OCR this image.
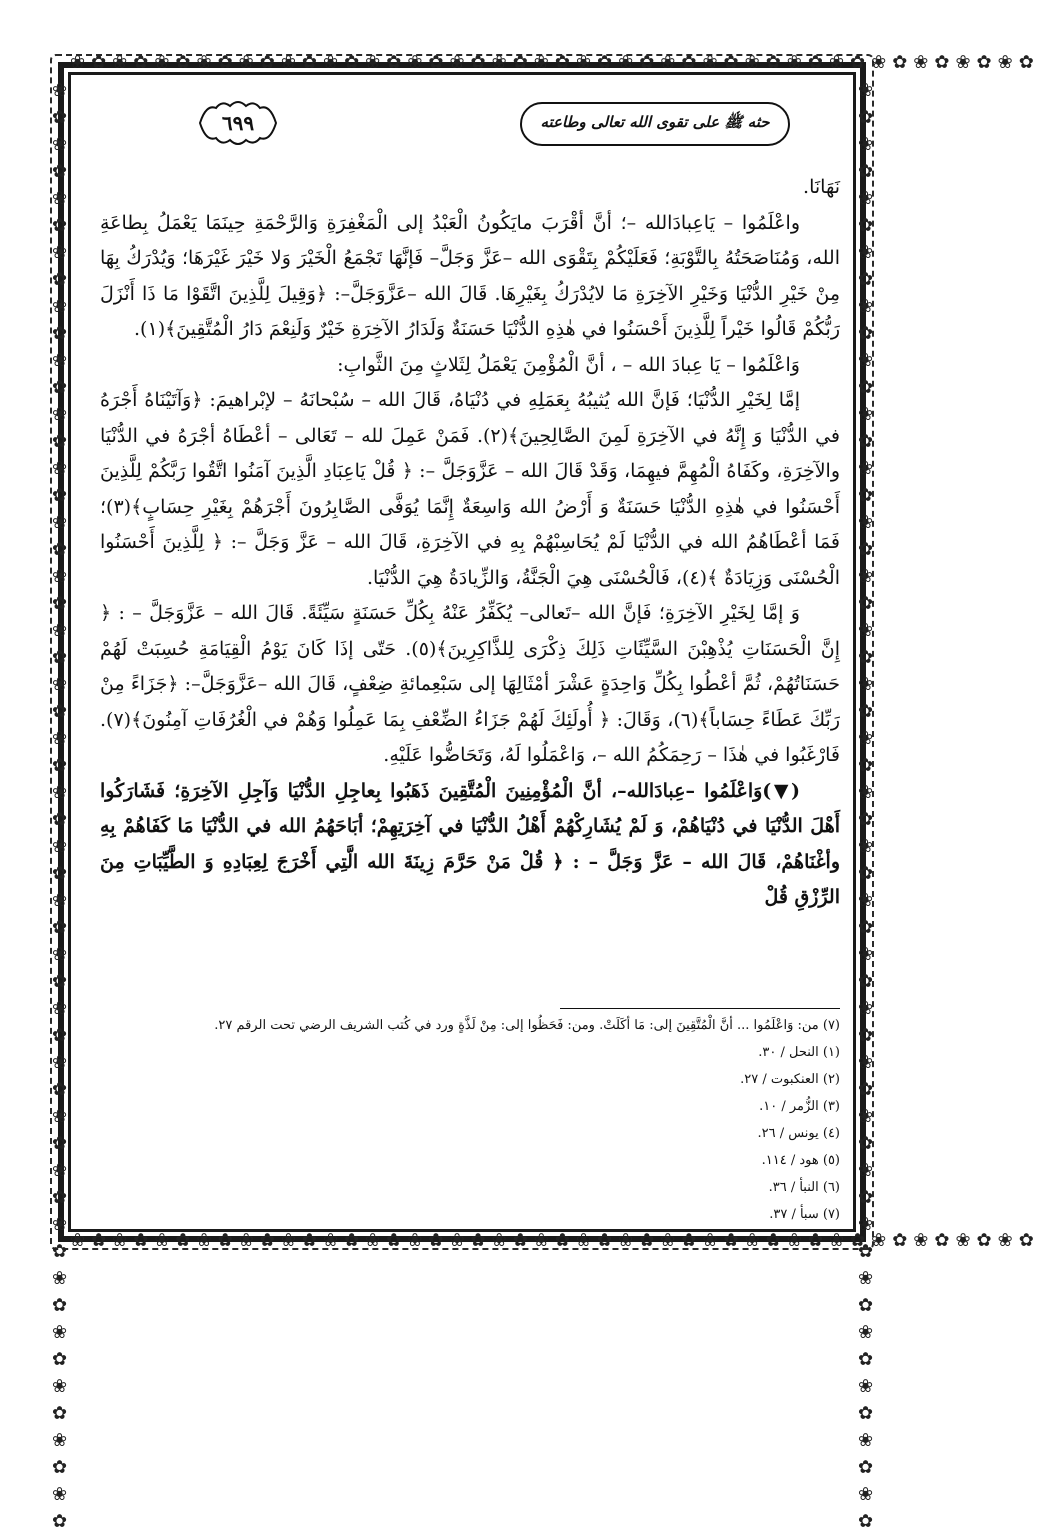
❀✿❀✿❀✿❀✿❀✿❀✿❀✿❀✿❀✿❀✿❀✿❀✿❀✿❀✿❀✿❀✿❀✿❀✿❀✿❀✿❀✿❀✿❀✿
❀✿❀✿❀✿❀✿❀✿❀✿❀✿❀✿❀✿❀✿❀✿❀✿❀✿❀✿❀✿❀✿❀✿❀✿❀✿❀✿❀✿❀✿❀✿
❀✿❀✿❀✿❀✿❀✿❀✿❀✿❀✿❀✿❀✿❀✿❀✿❀✿❀✿❀✿❀✿❀✿❀✿❀✿❀✿❀✿❀✿❀✿❀✿❀✿❀✿❀✿	❀✿❀✿❀✿❀✿❀✿❀✿❀✿❀✿❀✿❀✿❀✿❀✿❀✿❀✿❀✿❀✿❀✿❀✿❀✿❀✿❀✿❀✿❀✿❀✿❀✿❀✿❀✿
حثه ﷺ على تقوى الله تعالى وطاعته
٦٩٩

نَهَانَا.

واعْلَمُوا – يَاعِبادَالله –؛ أنَّ أقْرَبَ مايَكُونُ الْعَبْدُ إلى الْمَغْفِرَةِ وَالرَّحْمَةِ حِينَمَا يَعْمَلُ بِطاعَةِ الله، وَمُنَاصَحَتُهُ بِالتَّوْبَةِ؛ فَعَلَيْكُمْ بِتَقْوَى الله –عَزَّ وَجَلَّ– فَإنَّهَا تَجْمَعُ الْخَيْرَ وَلا خَيْرَ غَيْرَهَا؛ وَيُدْرَكُ بِهَا مِنْ خَيْرِ الدُّنْيَا وَخَيْرِ الآخِرَةِ مَا لايُدْرَكُ بِغَيْرِهَا. قَالَ الله –عَزَّوَجَلَّ–: ﴿وَقِيلَ لِلَّذِينَ اتَّقَوْا مَا ذَا أَنْزَلَ رَبُّكُمْ قَالُوا خَيْراً لِلَّذِينَ أَحْسَنُوا في هٰذِهِ الدُّنْيَا حَسَنَةٌ وَلَدَارُ الآخِرَةِ خَيْرٌ وَلَنِعْمَ دَارُ الْمُتَّقِينَ﴾(١).

وَاعْلَمُوا – يَا عِبادَ الله – ، أنَّ الْمُؤْمِنَ يَعْمَلُ لِثَلاثٍ مِنَ الثَّوابِ:

إمَّا لِخَيْرِ الدُّنْيَا؛ فَإنَّ الله يُثيبُهُ بِعَمَلِهِ في دُنْيَاهُ، قَالَ الله – سُبْحانَهُ – لإبْراهيمَ: ﴿وَآتَيْنَاهُ أَجْرَهُ في الدُّنْيَا وَ إِنَّهُ في الآخِرَةِ لَمِنَ الصَّالِحِينَ﴾(٢). فَمَنْ عَمِلَ لله – تَعَالى – أعْطَاهُ أجْرَهُ في الدُّنْيَا والآخِرَةِ، وكَفَاهُ الْمُهِمَّ فيهِمَا، وَقَدْ قَالَ الله – عَزَّوَجَلَّ –: ﴿ قُلْ يَاعِبَادِ الَّذِينَ آمَنُوا اتَّقُوا رَبَّكُمْ لِلَّذِينَ أَحْسَنُوا في هٰذِهِ الدُّنْيَا حَسَنَةٌ وَ أَرْضُ الله وَاسِعَةٌ إِنَّمَا يُوَفَّى الصَّابِرُونَ أَجْرَهُمْ بِغَيْرِ حِسَابٍ﴾(٣)؛ فَمَا أعْطَاهُمُ الله في الدُّنْيَا لَمْ يُحَاسِبْهُمْ بِهِ في الآخِرَةِ، قَالَ الله – عَزَّ وَجَلَّ –: ﴿ لِلَّذِينَ أَحْسَنُوا الْحُسْنَى وَزِيَادَةٌ ﴾(٤)، فَالْحُسْنَى هِيَ الْجَنَّةُ، وَالزِّيادَةُ هِيَ الدُّنْيَا.

وَ إمَّا لِخَيْرِ الآخِرَةِ؛ فَإنَّ الله –تَعالى– يُكَفِّرُ عَنْهُ بِكُلِّ حَسَنَةٍ سَيِّئَةً. قَالَ الله – عَزَّوَجَلَّ – : ﴿ إِنَّ الْحَسَنَاتِ يُذْهِبْنَ السَّيِّئَاتِ ذَلِكَ ذِكْرَى لِلذَّاكِرِينَ﴾(٥). حَتّى إذَا كَانَ يَوْمُ الْقِيَامَةِ حُسِبَتْ لَهُمْ حَسَنَاتُهُمْ، ثُمَّ أعْطُوا بِكُلِّ وَاحِدَةٍ عَشْرَ أمْثَالِهَا إلى سَبْعِمائةِ ضِعْفٍ، قَالَ الله –عَزَّوَجَلَّ–: ﴿جَزَاءً مِنْ رَبِّكَ عَطَاءً حِسَاباً﴾(٦)، وَقَالَ: ﴿ أُولَئِكَ لَهُمْ جَزَاءُ الضِّعْفِ بِمَا عَمِلُوا وَهُمْ في الْغُرُفَاتِ آمِنُونَ﴾(٧). فَارْغَبُوا في هٰذَا – رَحِمَكُمُ الله –، وَاعْمَلُوا لَهُ، وَتَحَاضُّوا عَلَيْهِ.

(▼)وَاعْلَمُوا –عِبادَالله–، أنَّ الْمُؤْمِنِينَ الْمُتَّقِينَ ذَهَبُوا بِعاجِلِ الدُّنْيَا وَآجِلِ الآخِرَةِ؛ فَشَارَكُوا أَهْلَ الدُّنْيَا في دُنْيَاهُمْ، وَ لَمْ يُشَارِكْهُمْ أَهْلُ الدُّنْيَا في آخِرَتِهِمْ؛ أبَاحَهُمُ الله في الدُّنْيَا مَا كَفَاهُمْ بِهِ وأغْنَاهُمْ، قَالَ الله – عَزَّ وَجَلَّ – : ﴿ قُلْ مَنْ حَرَّمَ زِينَةَ الله الَّتِي أَخْرَجَ لِعِبَادِهِ وَ الطَّيِّبَاتِ مِنَ الرِّزْقِ قُلْ

(٧) من: وَاعْلَمُوا ... أنَّ الْمُتَّقِينَ إلى: مَا أكَلَتْ. ومن: فَحَظُوا إلى: مِنْ لَذَّةٍ ورد في كُتب الشريف الرضي تحت الرقم ٢٧.
(١) النحل / ٣٠.
(٢) العنكبوت / ٢٧.
(٣) الزُّمر / ١٠.
(٤) يونس / ٢٦.
(٥) هود / ١١٤.
(٦) النبأ / ٣٦.
(٧) سبأ / ٣٧.
